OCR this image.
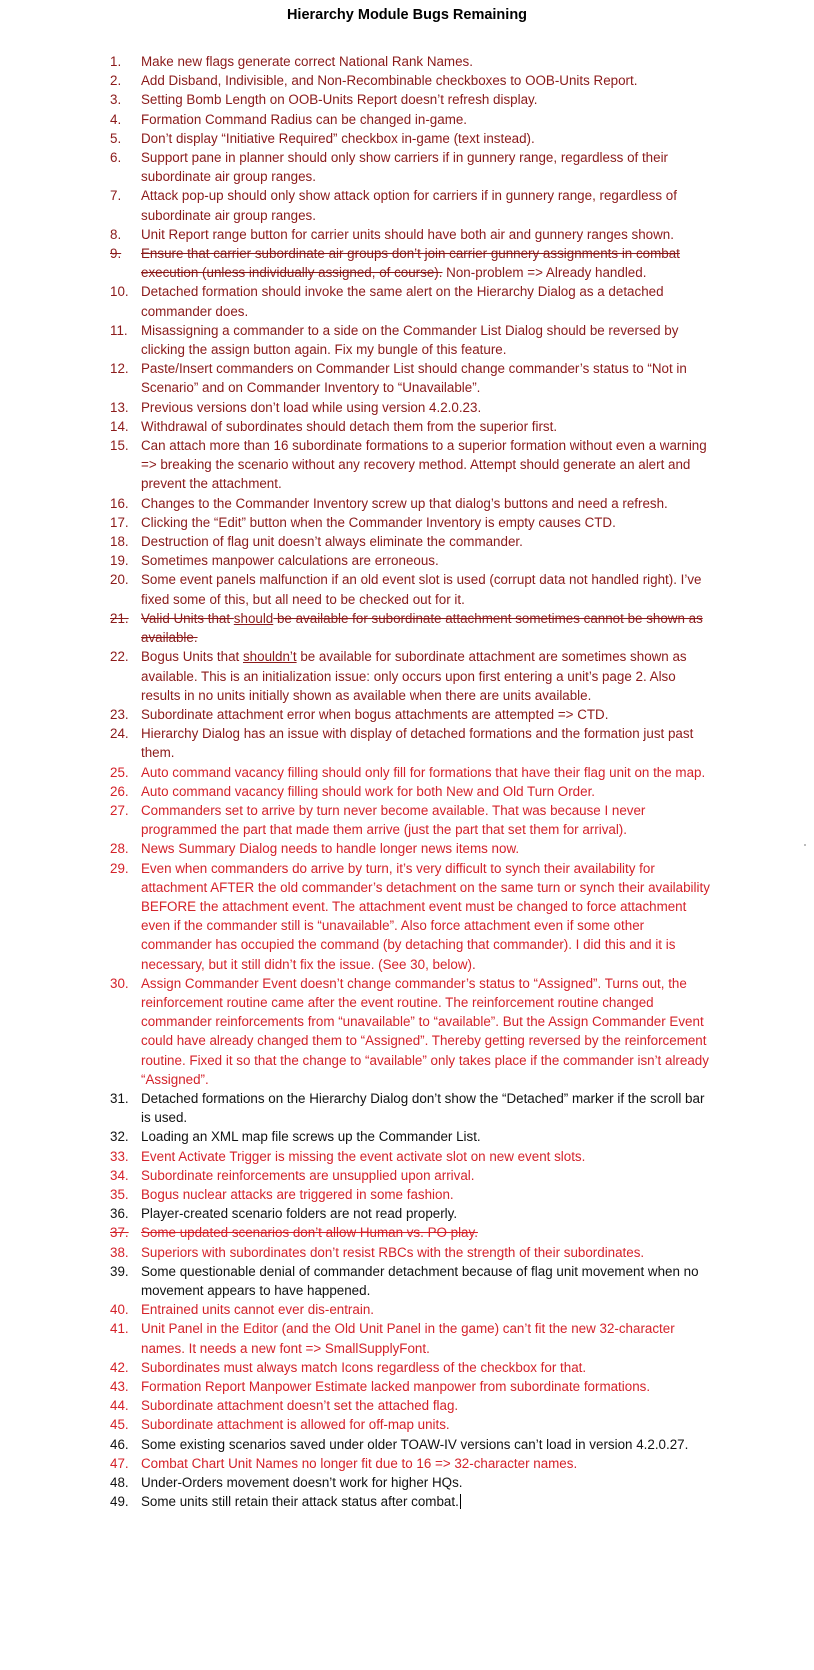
Hierarchy Module Bugs Remaining
1.	Make new flags generate correct National Rank Names.
2.	Add Disband, Indivisible, and Non-Recombinable checkboxes to OOB-Units Report.
3.	Setting Bomb Length on OOB-Units Report doesn’t refresh display.
4.	Formation Command Radius can be changed in-game.
5.	Don’t display “Initiative Required” checkbox in-game (text instead).
6.	Support pane in planner should only show carriers if in gunnery range, regardless of their subordinate air group ranges.
7.	Attack pop-up should only show attack option for carriers if in gunnery range, regardless of subordinate air group ranges.
8.	Unit Report range button for carrier units should have both air and gunnery ranges shown.
9.	Ensure that carrier subordinate air groups don’t join carrier gunnery assignments in combat execution (unless individually assigned, of course). Non-problem => Already handled.
10. Detached formation should invoke the same alert on the Hierarchy Dialog as a detached commander does.
11. Misassigning a commander to a side on the Commander List Dialog should be reversed by clicking the assign button again. Fix my bungle of this feature.
12. Paste/Insert commanders on Commander List should change commander’s status to “Not in Scenario” and on Commander Inventory to “Unavailable”.
13. Previous versions don’t load while using version 4.2.0.23.
14. Withdrawal of subordinates should detach them from the superior first.
15. Can attach more than 16 subordinate formations to a superior formation without even a warning => breaking the scenario without any recovery method. Attempt should generate an alert and prevent the attachment.
16. Changes to the Commander Inventory screw up that dialog’s buttons and need a refresh.
17. Clicking the “Edit” button when the Commander Inventory is empty causes CTD.
18. Destruction of flag unit doesn’t always eliminate the commander.
19. Sometimes manpower calculations are erroneous.
20. Some event panels malfunction if an old event slot is used (corrupt data not handled right). I’ve fixed some of this, but all need to be checked out for it.
21. Valid Units that should be available for subordinate attachment sometimes cannot be shown as available.
22. Bogus Units that shouldn’t be available for subordinate attachment are sometimes shown as available. This is an initialization issue: only occurs upon first entering a unit’s page 2. Also results in no units initially shown as available when there are units available.
23. Subordinate attachment error when bogus attachments are attempted => CTD.
24. Hierarchy Dialog has an issue with display of detached formations and the formation just past them.
25. Auto command vacancy filling should only fill for formations that have their flag unit on the map.
26. Auto command vacancy filling should work for both New and Old Turn Order.
27. Commanders set to arrive by turn never become available. That was because I never programmed the part that made them arrive (just the part that set them for arrival).
28. News Summary Dialog needs to handle longer news items now.
29. Even when commanders do arrive by turn, it’s very difficult to synch their availability for attachment AFTER the old commander’s detachment on the same turn or synch their availability BEFORE the attachment event. The attachment event must be changed to force attachment even if the commander still is “unavailable”. Also force attachment even if some other commander has occupied the command (by detaching that commander). I did this and it is necessary, but it still didn’t fix the issue. (See 30, below).
30. Assign Commander Event doesn’t change commander’s status to “Assigned”. Turns out, the reinforcement routine came after the event routine. The reinforcement routine changed commander reinforcements from “unavailable” to “available”. But the Assign Commander Event could have already changed them to “Assigned”. Thereby getting reversed by the reinforcement routine. Fixed it so that the change to “available” only takes place if the commander isn’t already “Assigned”.
31. Detached formations on the Hierarchy Dialog don’t show the “Detached” marker if the scroll bar is used.
32. Loading an XML map file screws up the Commander List.
33. Event Activate Trigger is missing the event activate slot on new event slots.
34. Subordinate reinforcements are unsupplied upon arrival.
35. Bogus nuclear attacks are triggered in some fashion.
36. Player-created scenario folders are not read properly.
37. Some updated scenarios don’t allow Human vs. PO play.
38. Superiors with subordinates don’t resist RBCs with the strength of their subordinates.
39. Some questionable denial of commander detachment because of flag unit movement when no movement appears to have happened.
40. Entrained units cannot ever dis-entrain.
41. Unit Panel in the Editor (and the Old Unit Panel in the game) can’t fit the new 32-character names. It needs a new font => SmallSupplyFont.
42. Subordinates must always match Icons regardless of the checkbox for that.
43. Formation Report Manpower Estimate lacked manpower from subordinate formations.
44. Subordinate attachment doesn’t set the attached flag.
45. Subordinate attachment is allowed for off-map units.
46. Some existing scenarios saved under older TOAW-IV versions can’t load in version 4.2.0.27.
47. Combat Chart Unit Names no longer fit due to 16 => 32-character names.
48. Under-Orders movement doesn’t work for higher HQs.
49. Some units still retain their attack status after combat.
